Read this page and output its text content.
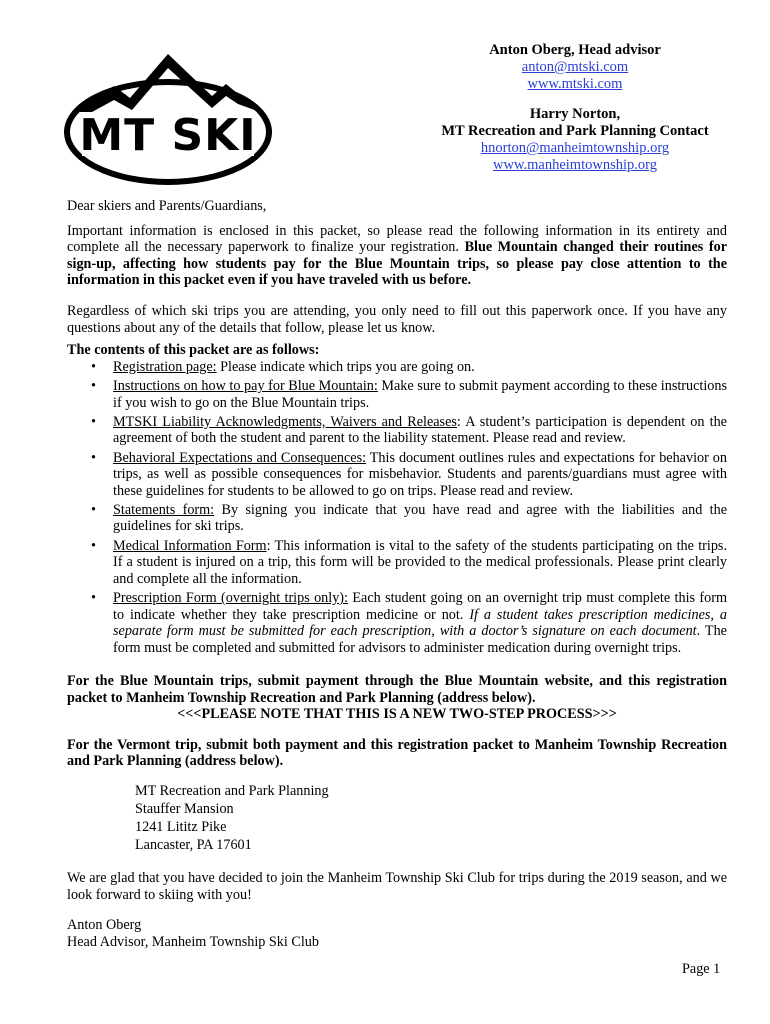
MT SKI
Anton Oberg, Head advisor
anton@mtski.com
www.mtski.com
Harry Norton,
MT Recreation and Park Planning Contact
hnorton@manheimtownship.org
www.manheimtownship.org

Dear skiers and Parents/Guardians,

Important information is enclosed in this packet, so please read the following information in its entirety and complete all the necessary paperwork to finalize your registration. Blue Mountain changed their routines for sign-up, affecting how students pay for the Blue Mountain trips, so please pay close attention to the information in this packet even if you have traveled with us before.

Regardless of which ski trips you are attending, you only need to fill out this paperwork once. If you have any questions about any of the details that follow, please let us know.

The contents of this packet are as follows:

• Registration page: Please indicate which trips you are going on.
• Instructions on how to pay for Blue Mountain: Make sure to submit payment according to these instructions if you wish to go on the Blue Mountain trips.
• MTSKI Liability Acknowledgments, Waivers and Releases: A student’s participation is dependent on the agreement of both the student and parent to the liability statement. Please read and review.
• Behavioral Expectations and Consequences: This document outlines rules and expectations for behavior on trips, as well as possible consequences for misbehavior. Students and parents/guardians must agree with these guidelines for students to be allowed to go on trips. Please read and review.
• Statements form: By signing you indicate that you have read and agree with the liabilities and the guidelines for ski trips.
• Medical Information Form: This information is vital to the safety of the students participating on the trips. If a student is injured on a trip, this form will be provided to the medical professionals. Please print clearly and complete all the information.
• Prescription Form (overnight trips only): Each student going on an overnight trip must complete this form to indicate whether they take prescription medicine or not. If a student takes prescription medicines, a separate form must be submitted for each prescription, with a doctor’s signature on each document. The form must be completed and submitted for advisors to administer medication during overnight trips.

For the Blue Mountain trips, submit payment through the Blue Mountain website, and this registration packet to Manheim Township Recreation and Park Planning (address below).

<<<PLEASE NOTE THAT THIS IS A NEW TWO-STEP PROCESS>>>

For the Vermont trip, submit both payment and this registration packet to Manheim Township Recreation and Park Planning (address below).

MT Recreation and Park Planning
Stauffer Mansion
1241 Lititz Pike
Lancaster, PA 17601

We are glad that you have decided to join the Manheim Township Ski Club for trips during the 2019 season, and we look forward to skiing with you!

Anton Oberg

Head Advisor, Manheim Township Ski Club

Page 1
